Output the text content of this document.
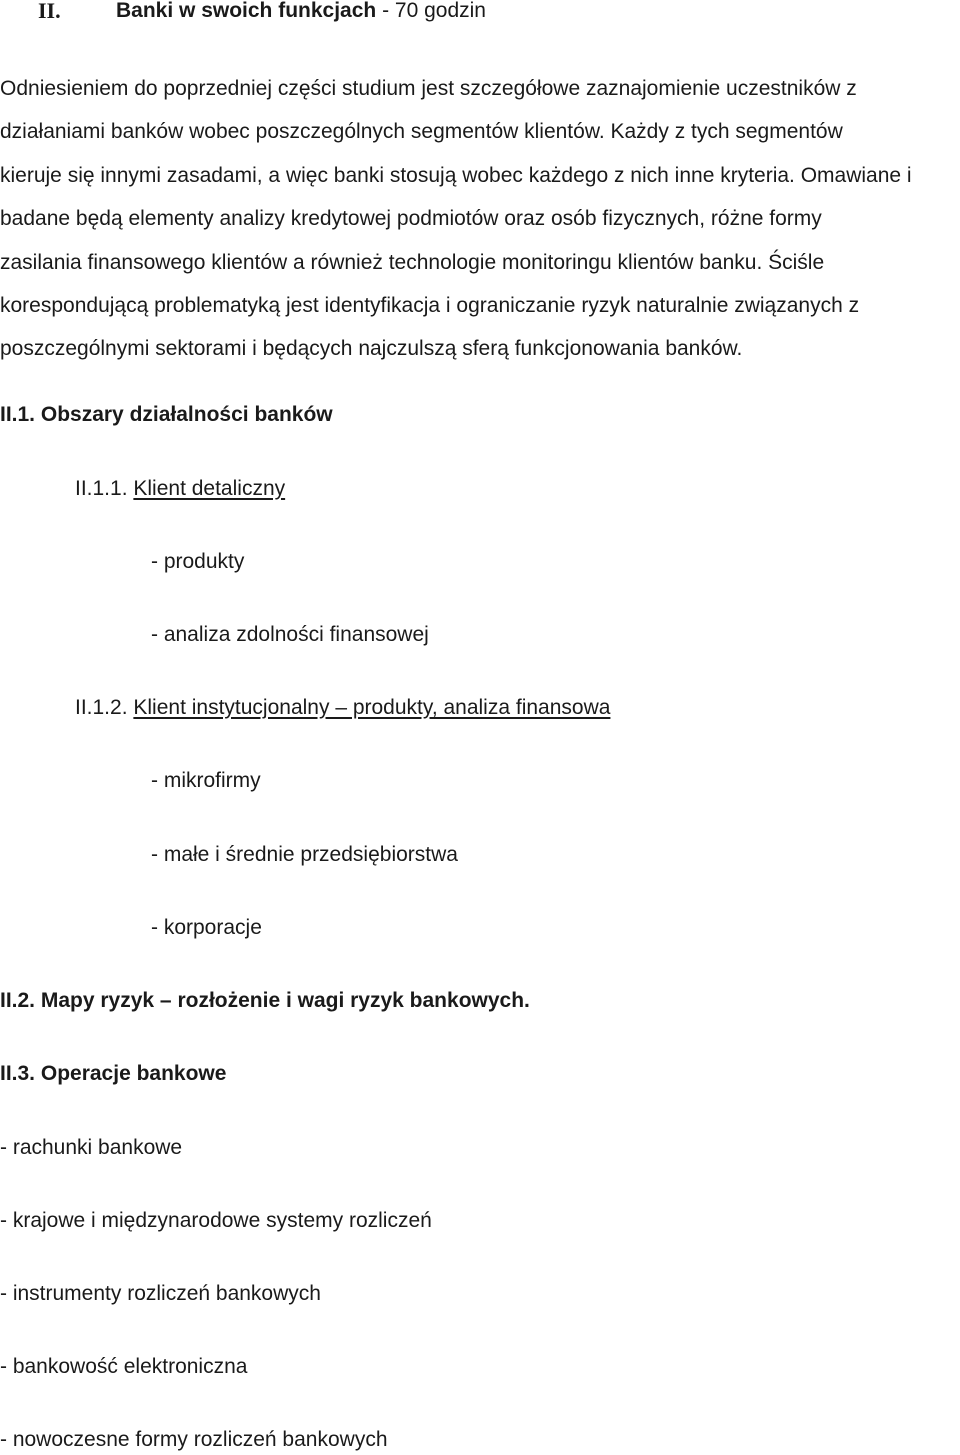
II.	Banki w swoich funkcjach - 70 godzin
Odniesieniem do poprzedniej części studium jest szczegółowe zaznajomienie uczestników z
działaniami banków wobec poszczególnych segmentów klientów. Każdy z tych segmentów
kieruje się innymi zasadami, a więc banki stosują wobec każdego z nich inne kryteria. Omawiane i
badane będą elementy analizy kredytowej podmiotów oraz osób fizycznych, różne formy
zasilania finansowego klientów a również technologie monitoringu klientów banku. Ściśle
korespondującą problematyką jest identyfikacja i ograniczanie ryzyk naturalnie związanych z
poszczególnymi sektorami i będących najczulszą sferą funkcjonowania banków.
II.1. Obszary działalności banków
II.1.1. Klient detaliczny
- produkty
- analiza zdolności finansowej
II.1.2. Klient instytucjonalny – produkty, analiza finansowa
- mikrofirmy
- małe i średnie przedsiębiorstwa
- korporacje
II.2. Mapy ryzyk – rozłożenie i wagi ryzyk bankowych.
II.3. Operacje bankowe
- rachunki bankowe
- krajowe i międzynarodowe systemy rozliczeń
- instrumenty rozliczeń bankowych
- bankowość elektroniczna
- nowoczesne formy rozliczeń bankowych
